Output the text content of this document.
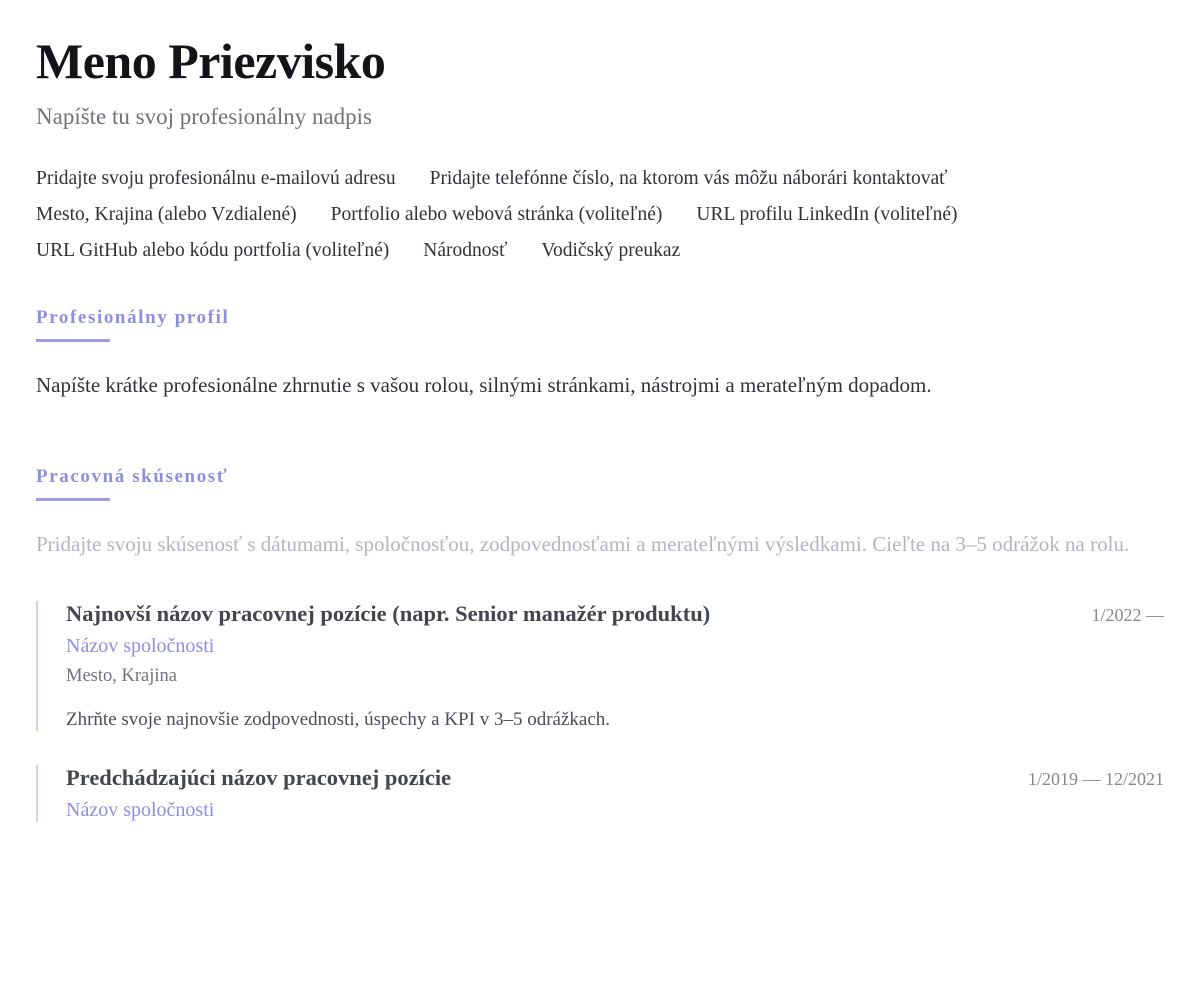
Meno Priezvisko
Napíšte tu svoj profesionálny nadpis
Pridajte svoju profesionálnu e-mailovú adresu Pridajte telefónne číslo, na ktorom vás môžu náborári kontaktovať
Mesto, Krajina (alebo Vzdialené) Portfolio alebo webová stránka (voliteľné) URL profilu LinkedIn (voliteľné)
URL GitHub alebo kódu portfolia (voliteľné) Národnosť Vodičský preukaz
Profesionálny profil

Napíšte krátke profesionálne zhrnutie s vašou rolou, silnými stránkami, nástrojmi a merateľným dopadom.

Pracovná skúsenosť

Pridajte svoju skúsenosť s dátumami, spoločnosťou, zodpovednosťami a merateľnými výsledkami. Cieľte na 3–5 odrážok na rolu.

Najnovší názov pracovnej pozície (napr. Senior manažér produktu)	1/2022 —
Názov spoločnosti
Mesto, Krajina

Zhrňte svoje najnovšie zodpovednosti, úspechy a KPI v 3–5 odrážkach.

Predchádzajúci názov pracovnej pozície	1/2019 — 12/2021
Názov spoločnosti
